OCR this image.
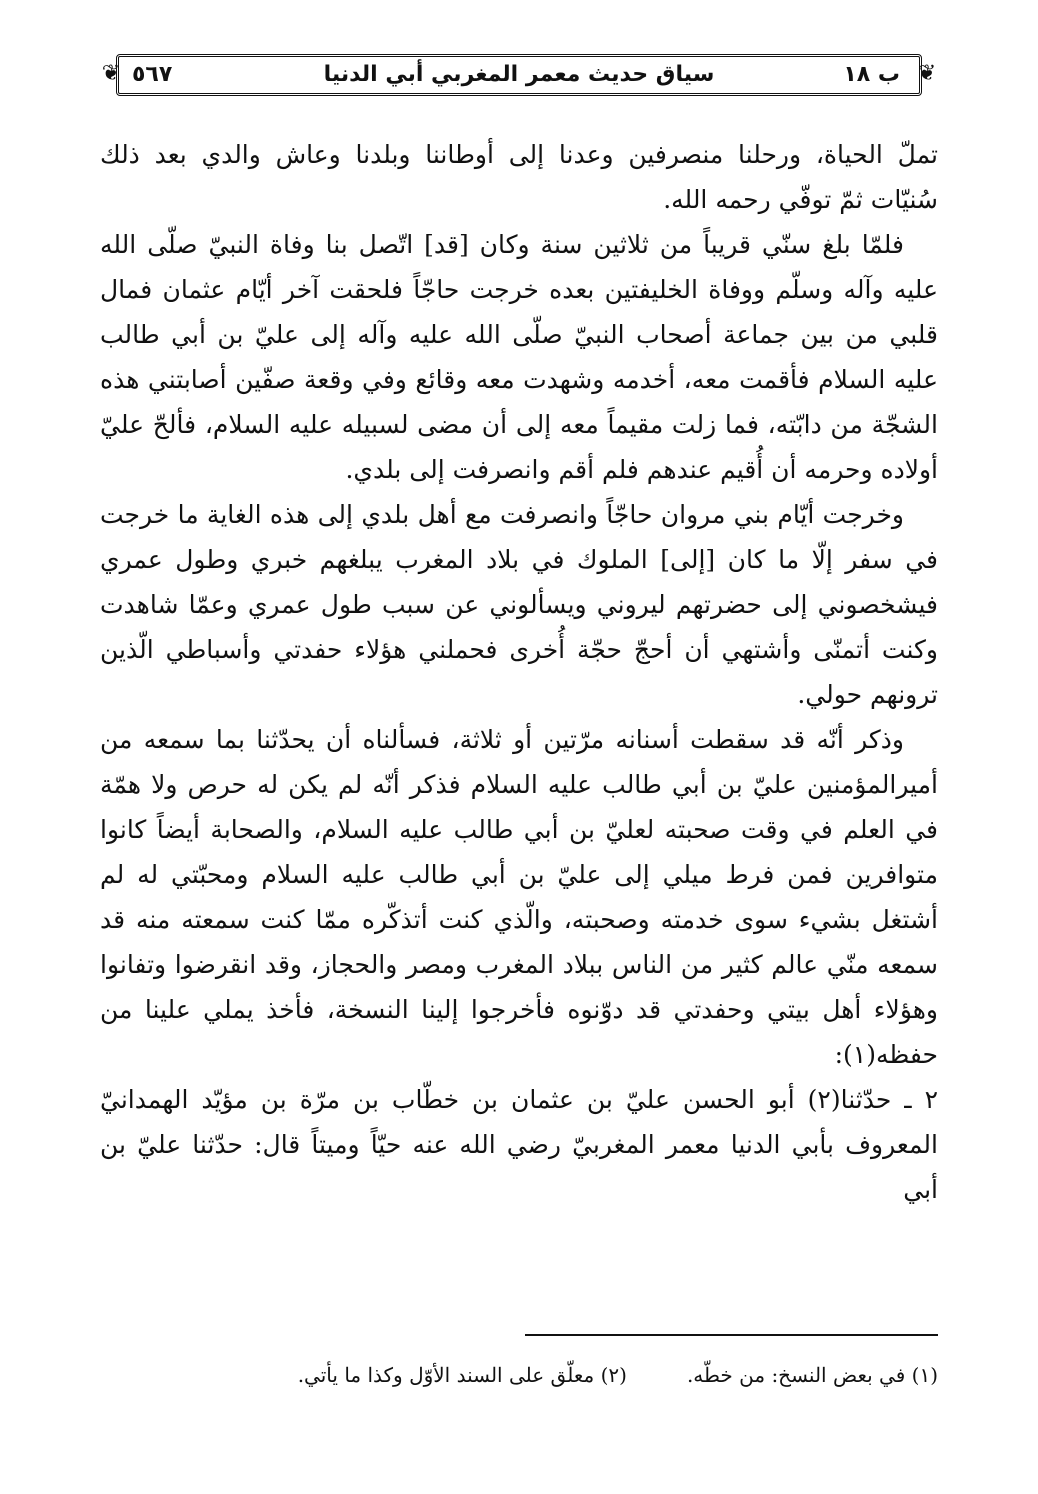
❦
❦	ب ١٨
سياق حديث معمر المغربي أبي الدنيا
٥٦٧

تملّ الحياة، ورحلنا منصرفين وعدنا إلى أوطاننا وبلدنا وعاش والدي بعد ذلك سُنيّات ثمّ توفّي رحمه الله.

فلمّا بلغ سنّي قريباً من ثلاثين سنة وكان [قد] اتّصل بنا وفاة النبيّ صلّى الله عليه وآله وسلّم ووفاة الخليفتين بعده خرجت حاجّاً فلحقت آخر أيّام عثمان فمال قلبي من بين جماعة أصحاب النبيّ صلّى الله عليه وآله إلى عليّ بن أبي طالب عليه السلام فأقمت معه، أخدمه وشهدت معه وقائع وفي وقعة صفّين أصابتني هذه الشجّة من دابّته، فما زلت مقيماً معه إلى أن مضى لسبيله عليه السلام، فألحّ عليّ أولاده وحرمه أن أُقيم عندهم فلم أقم وانصرفت إلى بلدي.

وخرجت أيّام بني مروان حاجّاً وانصرفت مع أهل بلدي إلى هذه الغاية ما خرجت في سفر إلّا ما كان [إلى] الملوك في بلاد المغرب يبلغهم خبري وطول عمري فيشخصوني إلى حضرتهم ليروني ويسألوني عن سبب طول عمري وعمّا شاهدت وكنت أتمنّى وأشتهي أن أحجّ حجّة أُخرى فحملني هؤلاء حفدتي وأسباطي الّذين ترونهم حولي.

وذكر أنّه قد سقطت أسنانه مرّتين أو ثلاثة، فسألناه أن يحدّثنا بما سمعه من أميرالمؤمنين عليّ بن أبي طالب عليه السلام فذكر أنّه لم يكن له حرص ولا همّة في العلم في وقت صحبته لعليّ بن أبي طالب عليه السلام، والصحابة أيضاً كانوا متوافرين فمن فرط ميلي إلى عليّ بن أبي طالب عليه السلام ومحبّتي له لم أشتغل بشيء سوى خدمته وصحبته، والّذي كنت أتذكّره ممّا كنت سمعته منه قد سمعه منّي عالم كثير من الناس ببلاد المغرب ومصر والحجاز، وقد انقرضوا وتفانوا وهؤلاء أهل بيتي وحفدتي قد دوّنوه فأخرجوا إلينا النسخة، فأخذ يملي علينا من حفظه(١):

٢ ـ حدّثنا(٢) أبو الحسن عليّ بن عثمان بن خطّاب بن مرّة بن مؤيّد الهمدانيّ المعروف بأبي الدنيا معمر المغربيّ رضي الله عنه حيّاً وميتاً قال: حدّثنا عليّ بن أبي

(١) في بعض النسخ: من خطّه.
(٢) معلّق على السند الأوّل وكذا ما يأتي.
